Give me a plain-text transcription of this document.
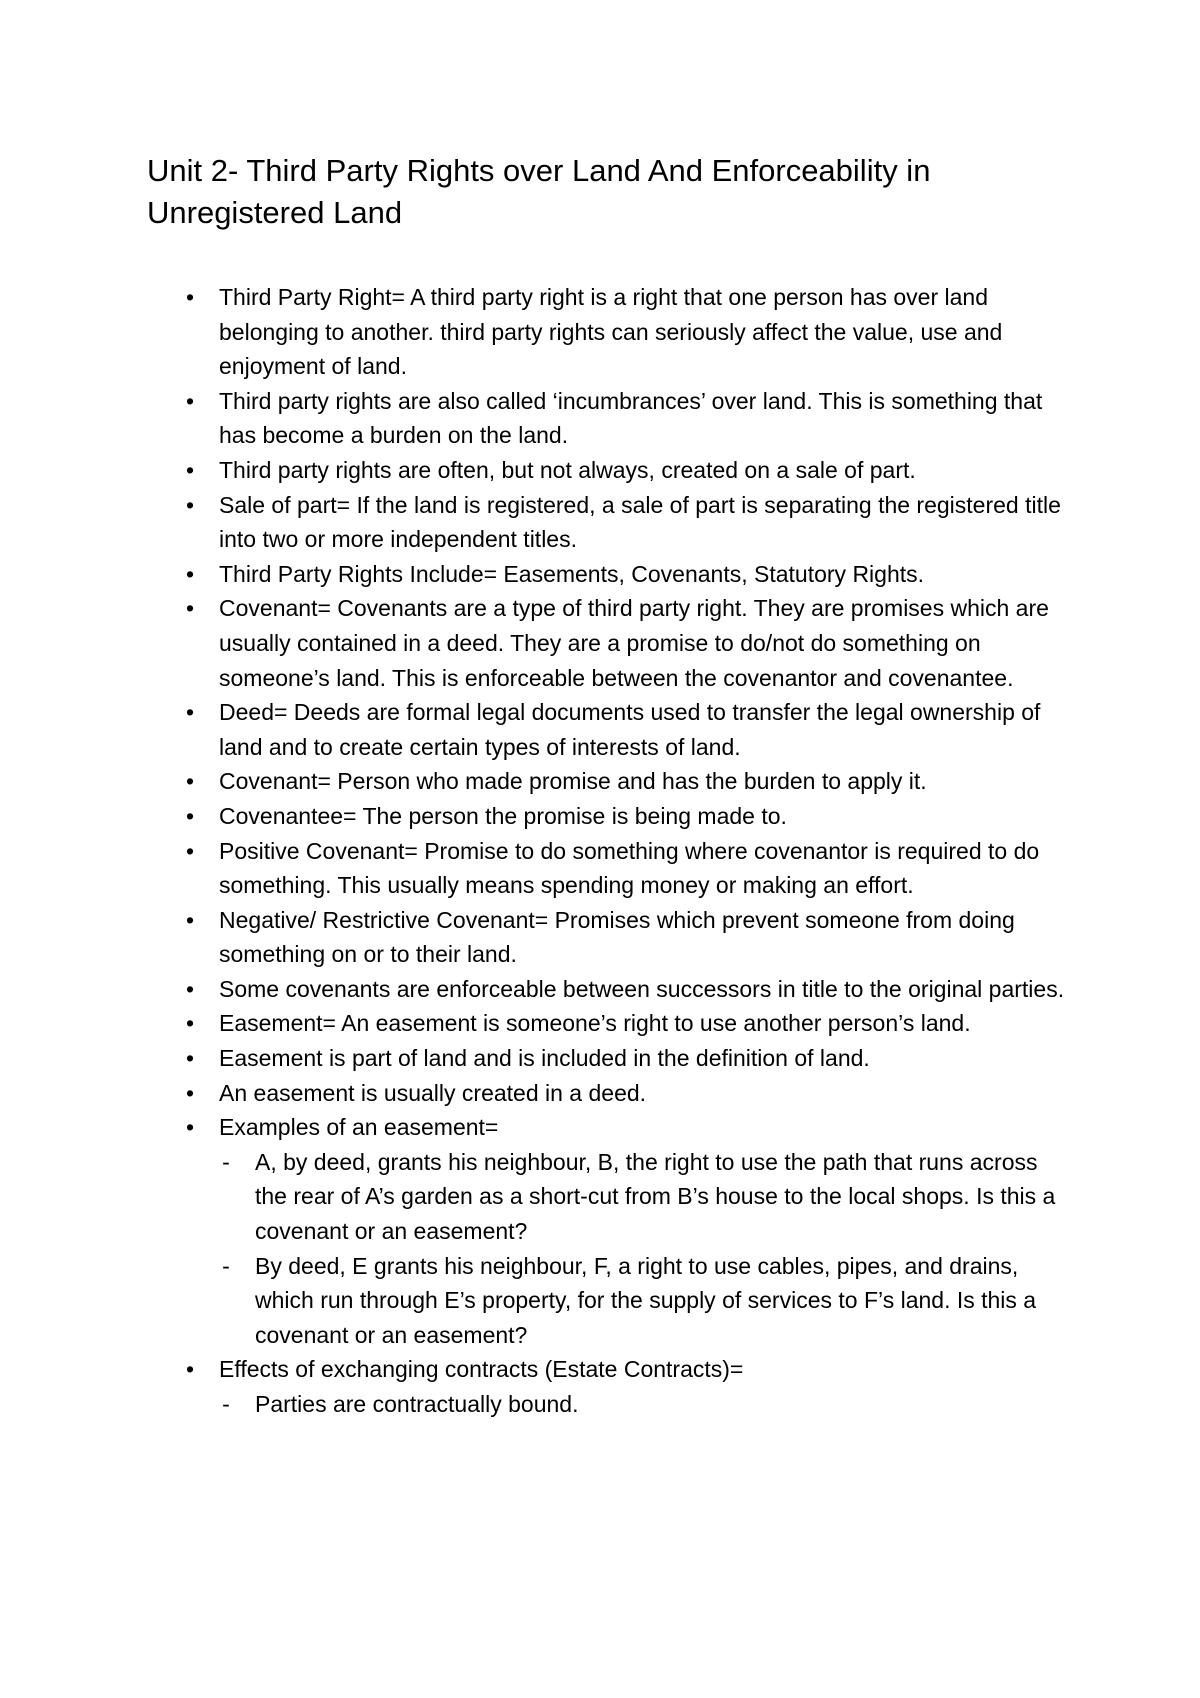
Unit 2- Third Party Rights over Land And Enforceability in Unregistered Land
• Third Party Right= A third party right is a right that one person has over land belonging to another. third party rights can seriously affect the value, use and enjoyment of land.
• Third party rights are also called ‘incumbrances’ over land. This is something that has become a burden on the land.
• Third party rights are often, but not always, created on a sale of part.
• Sale of part= If the land is registered, a sale of part is separating the registered title into two or more independent titles.
• Third Party Rights Include= Easements, Covenants, Statutory Rights.
• Covenant= Covenants are a type of third party right. They are promises which are usually contained in a deed. They are a promise to do/not do something on someone’s land. This is enforceable between the covenantor and covenantee.
• Deed= Deeds are formal legal documents used to transfer the legal ownership of land and to create certain types of interests of land.
• Covenant= Person who made promise and has the burden to apply it.
• Covenantee= The person the promise is being made to.
• Positive Covenant= Promise to do something where covenantor is required to do something. This usually means spending money or making an effort.
• Negative/ Restrictive Covenant= Promises which prevent someone from doing something on or to their land.
• Some covenants are enforceable between successors in title to the original parties.
• Easement= An easement is someone’s right to use another person’s land.
• Easement is part of land and is included in the definition of land.
• An easement is usually created in a deed.
• Examples of an easement=
- A, by deed, grants his neighbour, B, the right to use the path that runs across the rear of A’s garden as a short-cut from B’s house to the local shops. Is this a covenant or an easement?
- By deed, E grants his neighbour, F, a right to use cables, pipes, and drains, which run through E’s property, for the supply of services to F’s land. Is this a covenant or an easement?
• Effects of exchanging contracts (Estate Contracts)=
- Parties are contractually bound.
